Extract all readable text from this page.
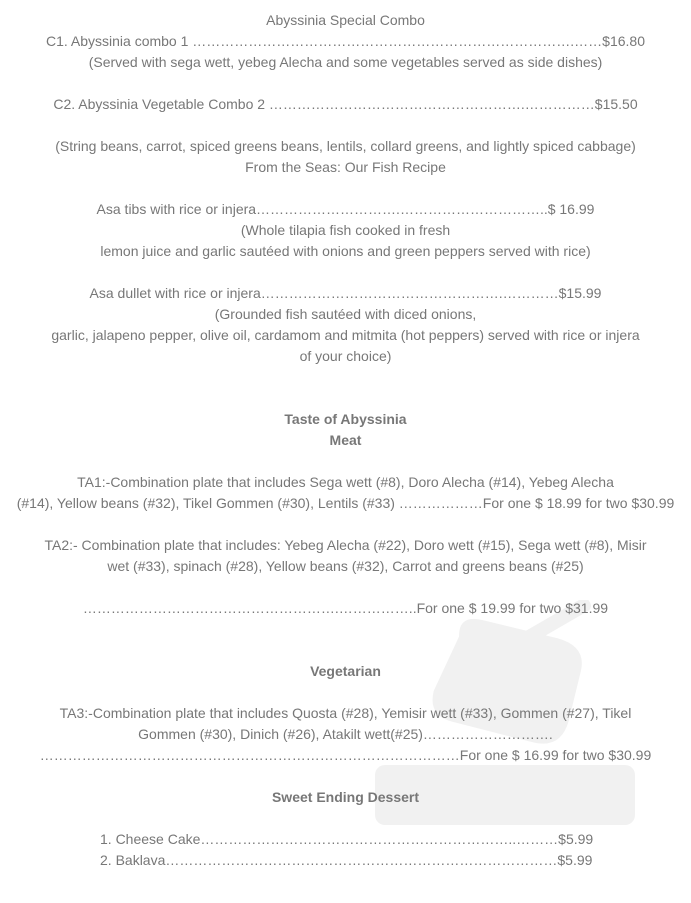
Abyssinia Special Combo
C1. Abyssinia combo 1 ……………………………………………………………………….……$16.80
(Served with sega wett, yebeg Alecha and some vegetables served as side dishes)
C2. Abyssinia Vegetable Combo 2 ……………………………………………….……………$15.50
(String beans, carrot, spiced greens beans, lentils, collard greens, and lightly spiced cabbage)
From the Seas: Our Fish Recipe
Asa tibs with rice or injera………………………….…………………………..$ 16.99
(Whole tilapia fish cooked in fresh
lemon juice and garlic sautéed with onions and green peppers served with rice)
Asa dullet with rice or injera…………………………………………….…………$15.99
(Grounded fish sautéed with diced onions,
garlic, jalapeno pepper, olive oil, cardamom and mitmita (hot peppers) served with rice or injera
of your choice)
Taste of Abyssinia
Meat
TA1:-Combination plate that includes Sega wett (#8), Doro Alecha (#14), Yebeg Alecha
(#14), Yellow beans (#32), Tikel Gommen (#30), Lentils (#33) ………………For one $ 18.99 for two $30.99
TA2:- Combination plate that includes: Yebeg Alecha (#22), Doro wett (#15), Sega wett (#8), Misir
wet (#33), spinach (#28), Yellow beans (#32), Carrot and greens beans (#25)
……………………………………………….……………..For one $ 19.99 for two $31.99
Vegetarian
TA3:-Combination plate that includes Quosta (#28), Yemisir wett (#33), Gommen (#27), Tikel
Gommen (#30), Dinich (#26), Atakilt wett(#25)……………………….
………………………………………………………………………………For one $ 16.99 for two $30.99
Sweet Ending Dessert
1. Cheese Cake…………………………………………………………..………$5.99
2. Baklava…………………………………………………………………………$5.99
